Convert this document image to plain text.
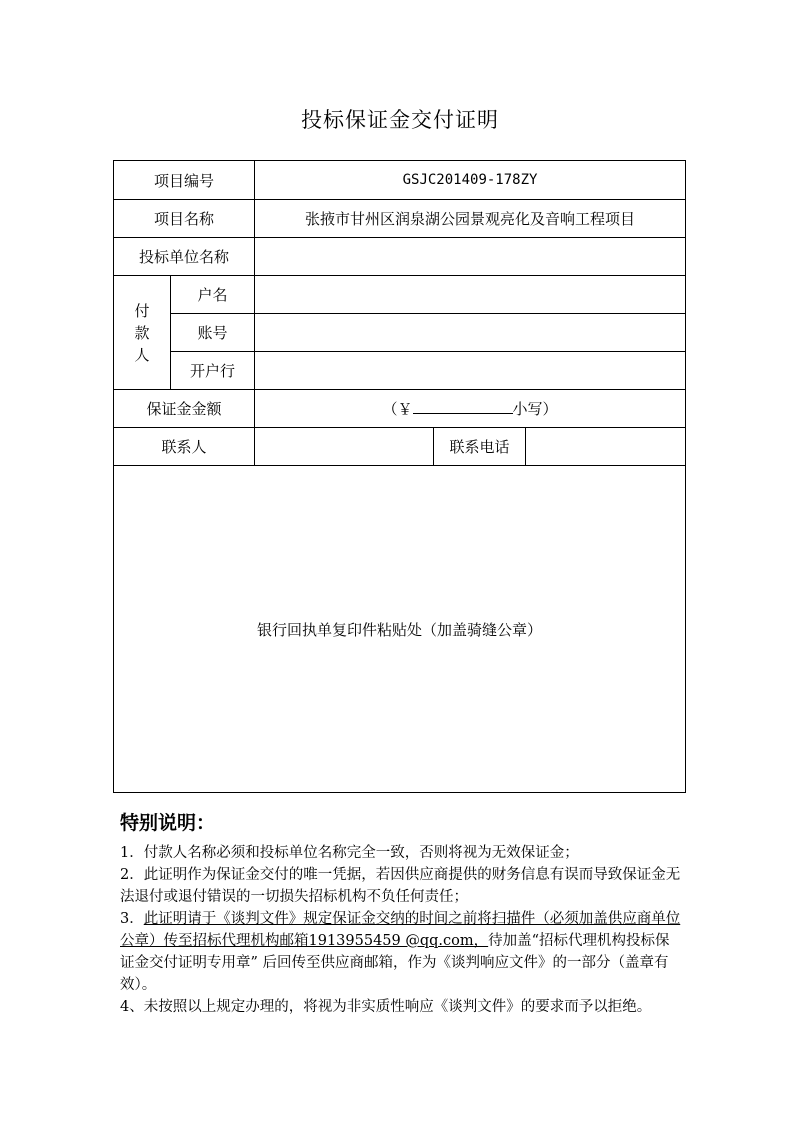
投标保证金交付证明
项目编号		GSJC201409-178ZY		
项目名称		张掖市甘州区润泉湖公园景观亮化及音响工程项目		
投标单位名称				

付
款
人	户名			
	账号			
	开户行			
保证金金额		（￥ 小写）		
联系人			联系电话	
银行回执单复印件粘贴处（加盖骑缝公章）				
特别说明：

1．付款人名称必须和投标单位名称完全一致，否则将视为无效保证金；

2．此证明作为保证金交付的唯一凭据，若因供应商提供的财务信息有误而导致保证金无法退付或退付错误的一切损失招标机构不负任何责任；

3．此证明请于《谈判文件》规定保证金交纳的时间之前将扫描件（必须加盖供应商单位公章）传至招标代理机构邮箱1913955459 @qq.com，待加盖“招标代理机构投标保证金交付证明专用章” 后回传至供应商邮箱，作为《谈判响应文件》的一部分（盖章有效）。

4、未按照以上规定办理的，将视为非实质性响应《谈判文件》的要求而予以拒绝。
